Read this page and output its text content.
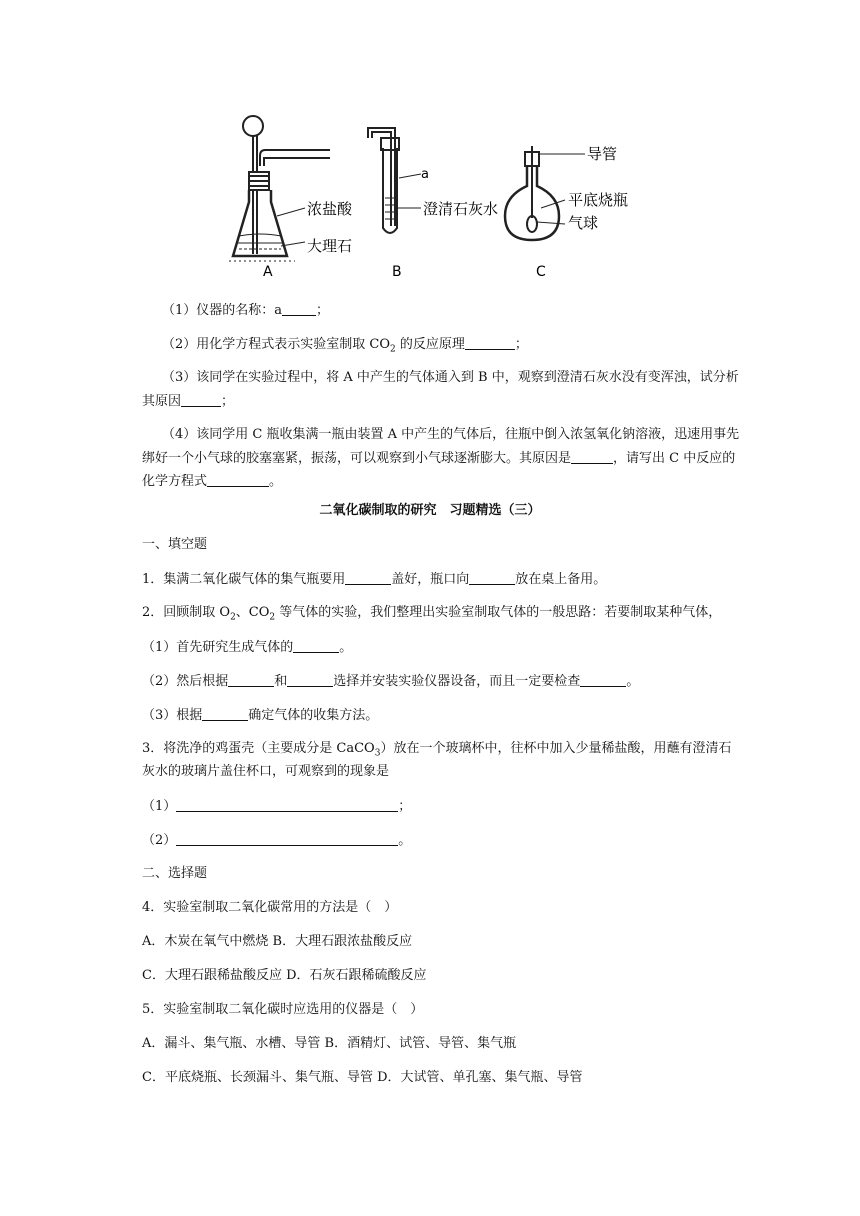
浓盐酸
大理石
A
a
澄清石灰水
B
导管
平底烧瓶
气球
C
（1）仪器的名称：a	；
（2）用化学方程式表示实验室制取 $CO_2$ 的反应原理	；
（3）该同学在实验过程中，将 A 中产生的气体通入到 B 中，观察到澄清石灰水没有变浑浊，试分析
其原因	；
（4）该同学用 C 瓶收集满一瓶由装置 A 中产生的气体后，往瓶中倒入浓氢氧化钠溶液，迅速用事先
绑好一个小气球的胶塞塞紧，振荡，可以观察到小气球逐渐膨大。其原因是	，请写出 C 中反应的
化学方程式	。
二氧化碳制取的研究　习题精选（三）
一、填空题
1．集满二氧化碳气体的集气瓶要用	盖好，瓶口向	放在桌上备用。
2．回顾制取 $O_2$、$CO_2$ 等气体的实验，我们整理出实验室制取气体的一般思路：若要制取某种气体，
（1）首先研究生成气体的	。
（2）然后根据	和	选择并安装实验仪器设备，而且一定要检查	。
（3）根据	确定气体的收集方法。
3．将洗净的鸡蛋壳（主要成分是 CaCO$_3$）放在一个玻璃杯中，往杯中加入少量稀盐酸，用蘸有澄清石
灰水的玻璃片盖住杯口，可观察到的现象是
（1）	；
（2）	。
二、选择题
4．实验室制取二氧化碳常用的方法是（　）
A．木炭在氧气中燃烧 B．大理石跟浓盐酸反应
C．大理石跟稀盐酸反应 D．石灰石跟稀硫酸反应
5．实验室制取二氧化碳时应选用的仪器是（　）
A．漏斗、集气瓶、水槽、导管 B．酒精灯、试管、导管、集气瓶
C．平底烧瓶、长颈漏斗、集气瓶、导管 D．大试管、单孔塞、集气瓶、导管
